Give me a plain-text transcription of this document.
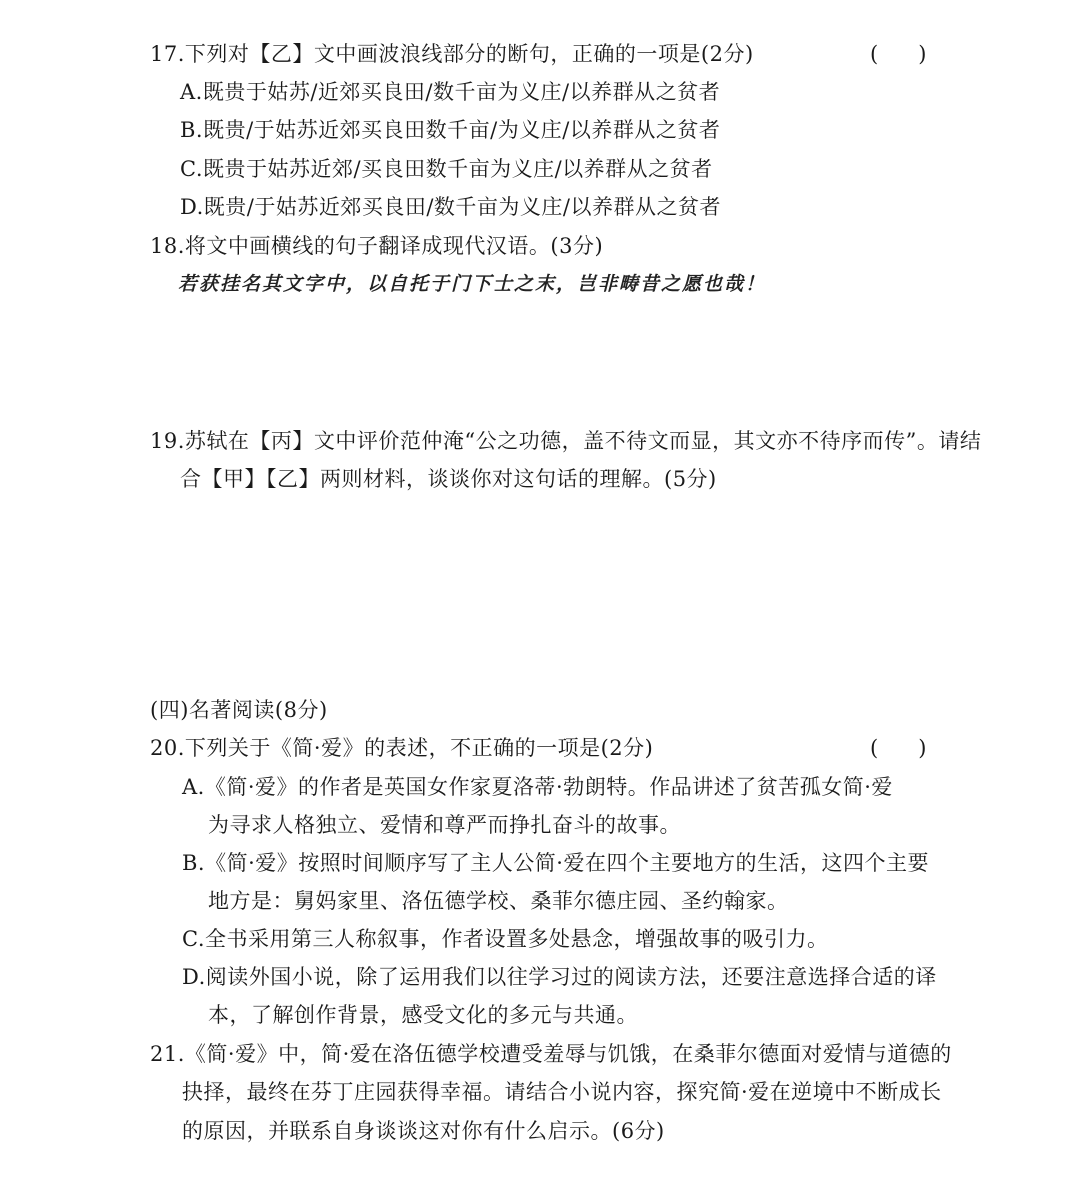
17.下列对【乙】文中画波浪线部分的断句，正确的一项是(2分)	(      )
A.既贵于姑苏/近郊买良田/数千亩为义庄/以养群从之贫者
B.既贵/于姑苏近郊买良田数千亩/为义庄/以养群从之贫者
C.既贵于姑苏近郊/买良田数千亩为义庄/以养群从之贫者
D.既贵/于姑苏近郊买良田/数千亩为义庄/以养群从之贫者
18.将文中画横线的句子翻译成现代汉语。(3分)
若获挂名其文字中，以自托于门下士之末，岂非畴昔之愿也哉！
19.苏轼在【丙】文中评价范仲淹“公之功德，盖不待文而显，其文亦不待序而传”。请结
合【甲】【乙】两则材料，谈谈你对这句话的理解。(5分)
(四)名著阅读(8分)
20.下列关于《简·爱》的表述，不正确的一项是(2分)	(      )
A.《简·爱》的作者是英国女作家夏洛蒂·勃朗特。作品讲述了贫苦孤女简·爱
为寻求人格独立、爱情和尊严而挣扎奋斗的故事。
B.《简·爱》按照时间顺序写了主人公简·爱在四个主要地方的生活，这四个主要
地方是：舅妈家里、洛伍德学校、桑菲尔德庄园、圣约翰家。
C.全书采用第三人称叙事，作者设置多处悬念，增强故事的吸引力。
D.阅读外国小说，除了运用我们以往学习过的阅读方法，还要注意选择合适的译
本，了解创作背景，感受文化的多元与共通。
21.《简·爱》中，简·爱在洛伍德学校遭受羞辱与饥饿，在桑菲尔德面对爱情与道德的
抉择，最终在芬丁庄园获得幸福。请结合小说内容，探究简·爱在逆境中不断成长
的原因，并联系自身谈谈这对你有什么启示。(6分)
